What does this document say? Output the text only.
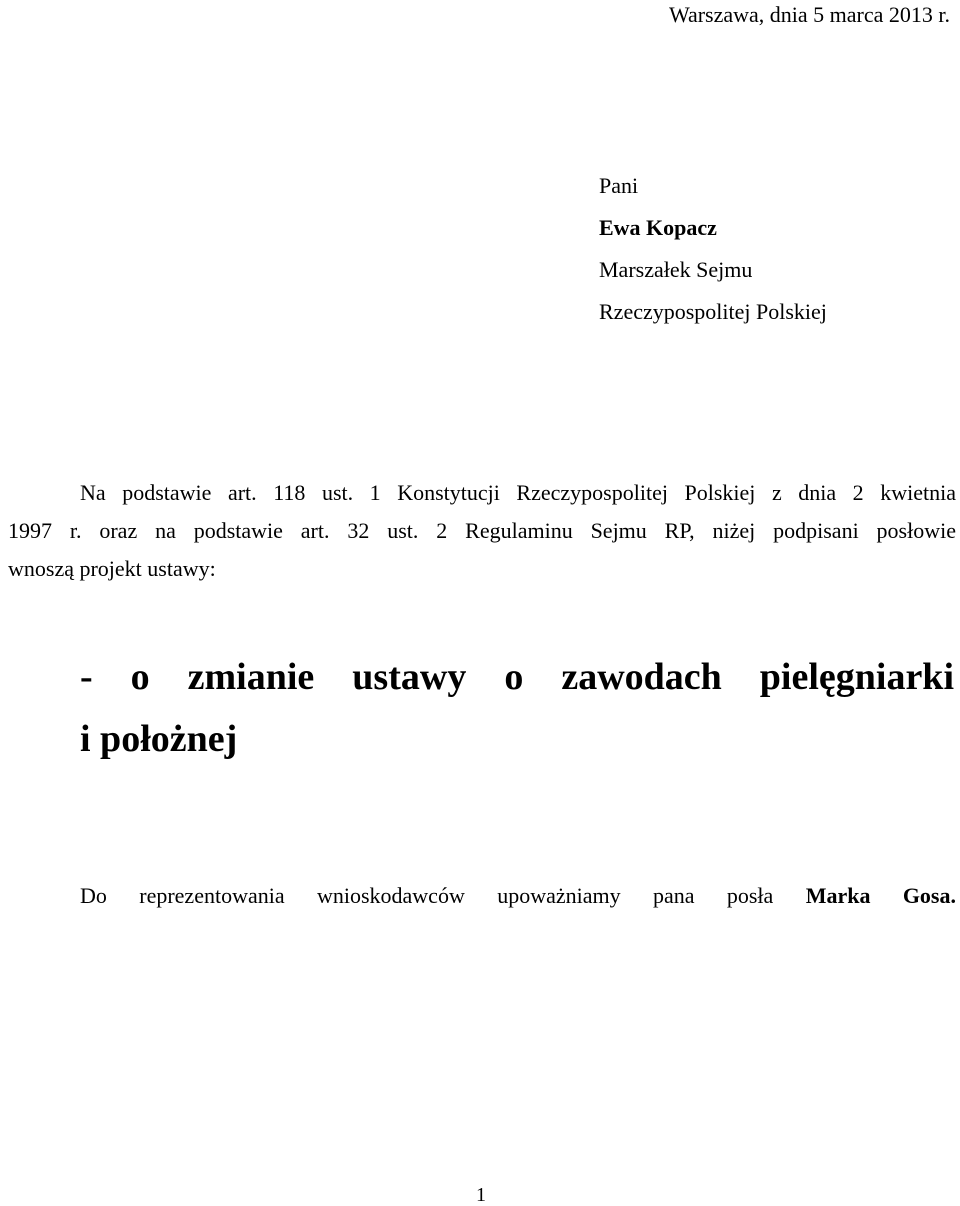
Warszawa, dnia 5 marca 2013 r.
Pani
Ewa Kopacz
Marszałek Sejmu
Rzeczypospolitej Polskiej
Na podstawie art. 118 ust. 1 Konstytucji Rzeczypospolitej Polskiej z dnia 2 kwietnia
1997 r. oraz na podstawie art. 32 ust. 2 Regulaminu Sejmu RP, niżej podpisani posłowie
wnoszą projekt ustawy:
- o zmianie ustawy o zawodach pielęgniarki
i położnej
Do reprezentowania wnioskodawców upoważniamy pana posła Marka Gosa.
1
